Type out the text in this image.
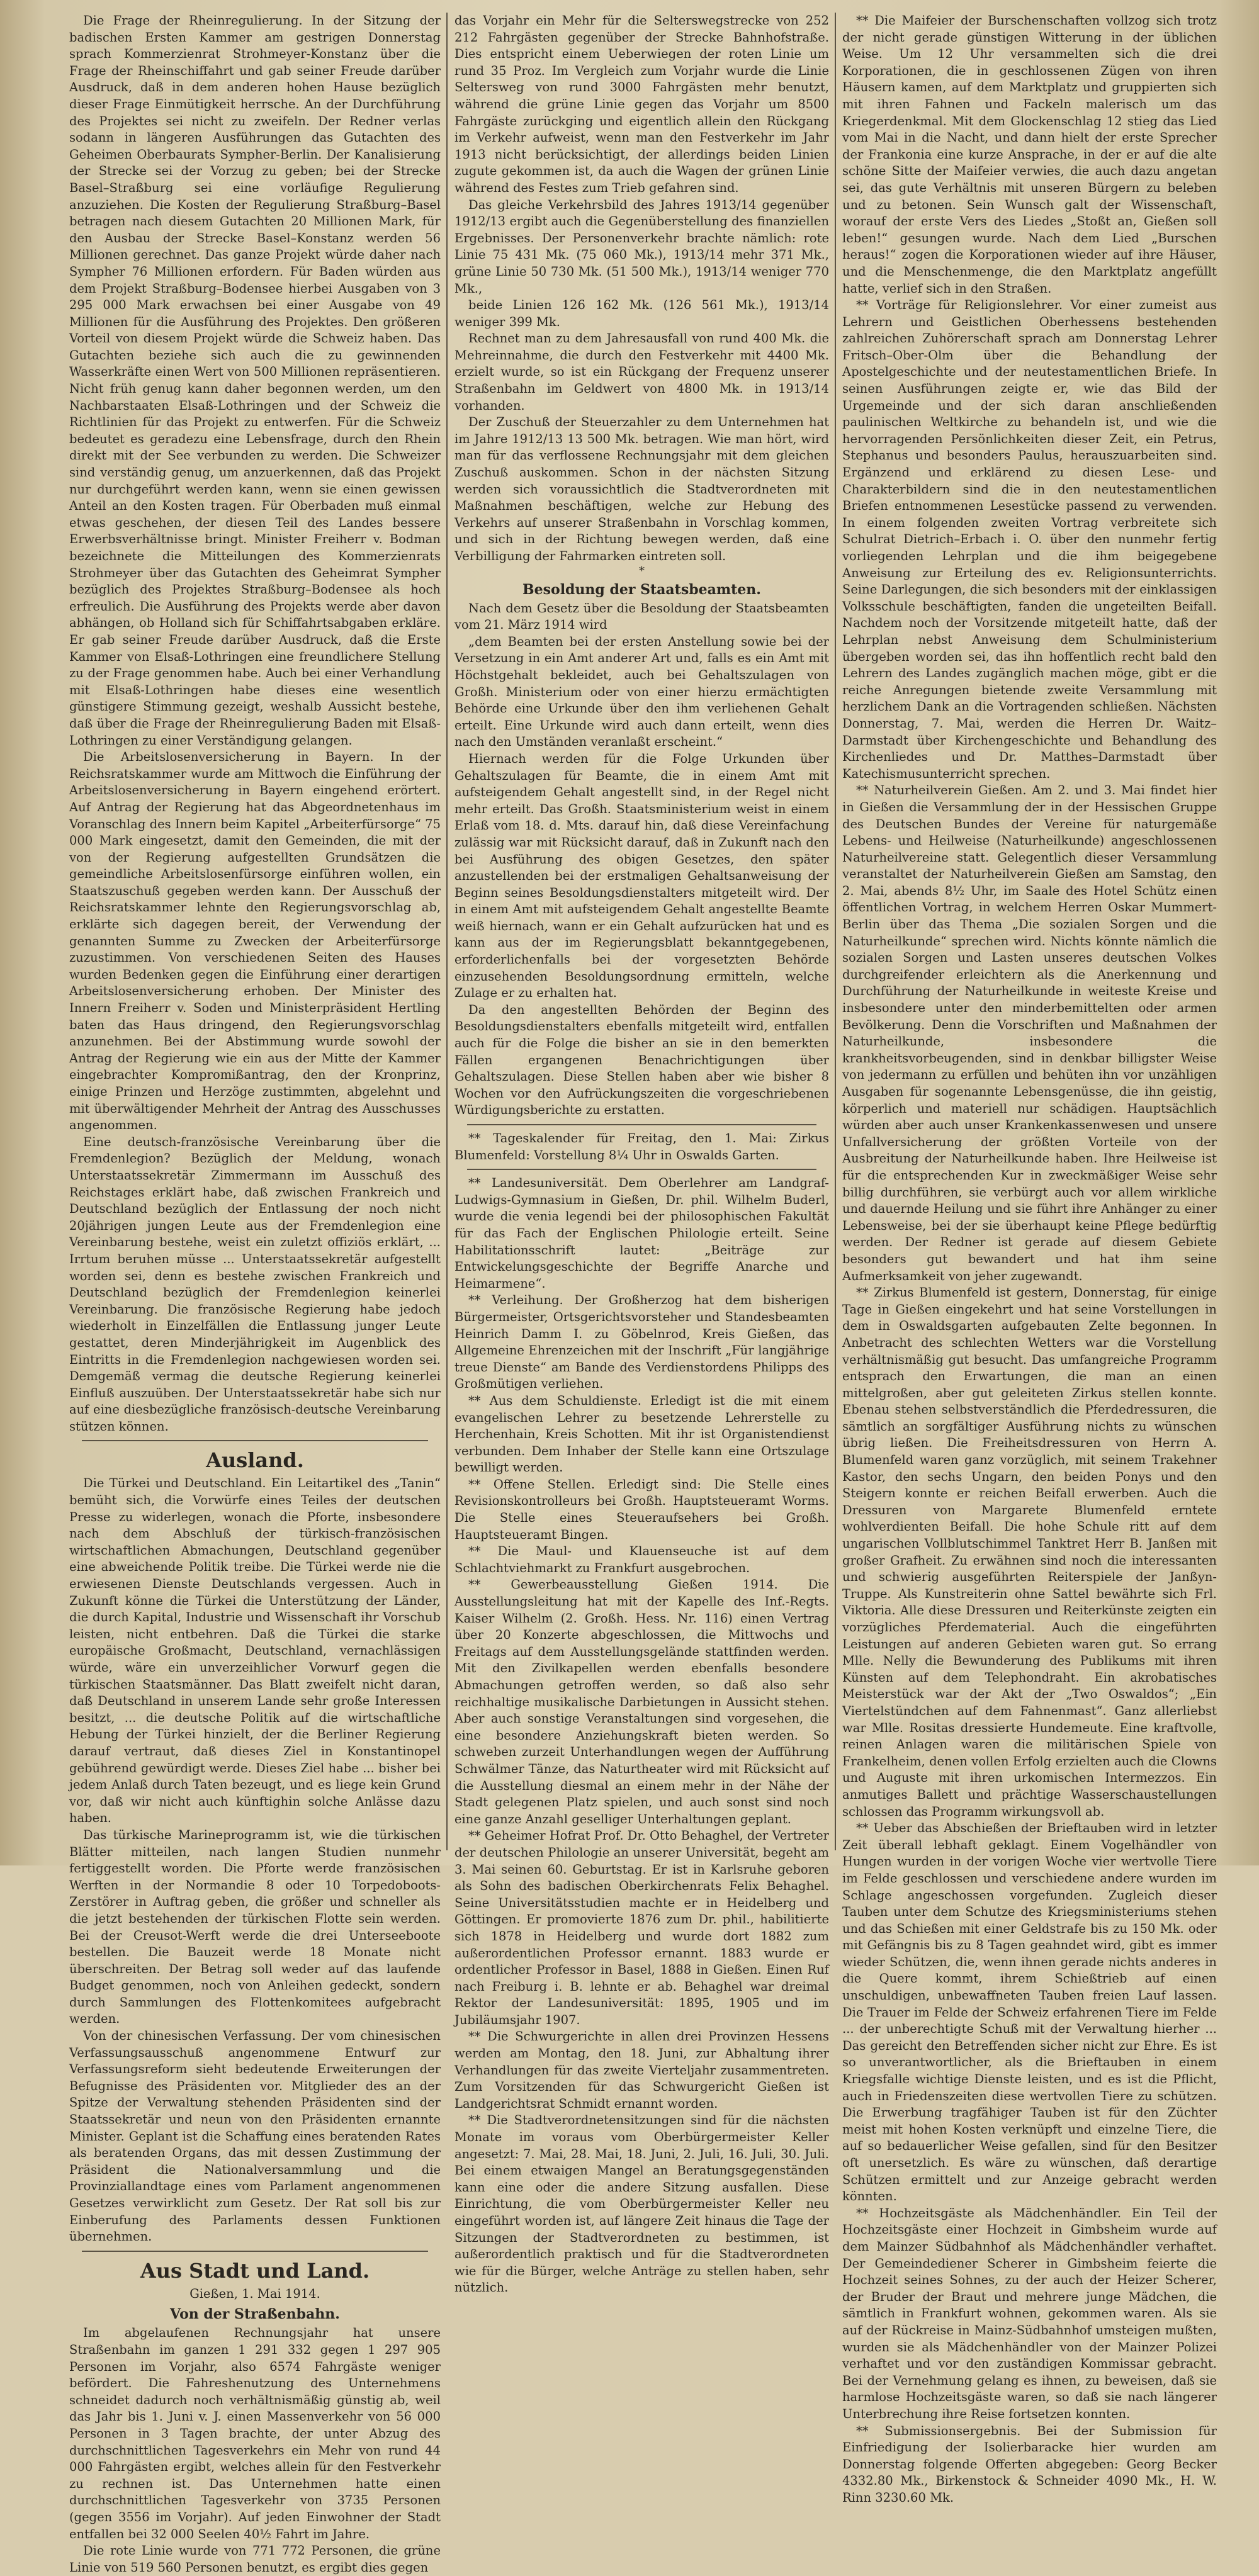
Die Frage der Rheinregulierung. In der Sitzung der badischen Ersten Kammer am gestrigen Donnerstag sprach Kommerzienrat Strohmeyer-Konstanz über die Frage der Rheinschiffahrt und gab seiner Freude darüber Ausdruck, daß in dem anderen hohen Hause bezüglich dieser Frage Einmütigkeit herrsche. An der Durchführung des Projektes sei nicht zu zweifeln. Der Redner verlas sodann in längeren Ausführungen das Gutachten des Geheimen Oberbaurats Sympher-Berlin. Der Kanalisierung der Strecke sei der Vorzug zu geben; bei der Strecke Basel–Straßburg sei eine vorläufige Regulierung anzuziehen. Die Kosten der Regulierung Straßburg–Basel betragen nach diesem Gutachten 20 Millionen Mark, für den Ausbau der Strecke Basel–Konstanz werden 56 Millionen gerechnet. Das ganze Projekt würde daher nach Sympher 76 Millionen erfordern. Für Baden würden aus dem Projekt Straßburg–Bodensee hierbei Ausgaben von 3 295 000 Mark erwachsen bei einer Ausgabe von 49 Millionen für die Ausführung des Projektes. Den größeren Vorteil von diesem Projekt würde die Schweiz haben. Das Gutachten beziehe sich auch die zu gewinnenden Wasserkräfte einen Wert von 500 Millionen repräsentieren. Nicht früh genug kann daher begonnen werden, um den Nachbarstaaten Elsaß-Lothringen und der Schweiz die Richtlinien für das Projekt zu entwerfen. Für die Schweiz bedeutet es geradezu eine Lebensfrage, durch den Rhein direkt mit der See verbunden zu werden. Die Schweizer sind verständig genug, um anzuerkennen, daß das Projekt nur durchgeführt werden kann, wenn sie einen gewissen Anteil an den Kosten tragen. Für Oberbaden muß einmal etwas geschehen, der diesen Teil des Landes bessere Erwerbsverhältnisse bringt. Minister Freiherr v. Bodman bezeichnete die Mitteilungen des Kommerzienrats Strohmeyer über das Gutachten des Geheimrat Sympher bezüglich des Projektes Straßburg–Bodensee als hoch erfreulich. Die Ausführung des Projekts werde aber davon abhängen, ob Holland sich für Schiffahrtsabgaben erkläre. Er gab seiner Freude darüber Ausdruck, daß die Erste Kammer von Elsaß-Lothringen eine freundlichere Stellung zu der Frage genommen habe. Auch bei einer Verhandlung mit Elsaß-Lothringen habe dieses eine wesentlich günstigere Stimmung gezeigt, weshalb Aussicht bestehe, daß über die Frage der Rheinregulierung Baden mit Elsaß-Lothringen zu einer Verständigung gelangen.

Die Arbeitslosenversicherung in Bayern. In der Reichsratskammer wurde am Mittwoch die Einführung der Arbeitslosenversicherung in Bayern eingehend erörtert. Auf Antrag der Regierung hat das Abgeordnetenhaus im Voranschlag des Innern beim Kapitel „Arbeiterfürsorge“ 75 000 Mark eingesetzt, damit den Gemeinden, die mit der von der Regierung aufgestellten Grundsätzen die gemeindliche Arbeitslosenfürsorge einführen wollen, ein Staatszuschuß gegeben werden kann. Der Ausschuß der Reichsratskammer lehnte den Regierungsvorschlag ab, erklärte sich dagegen bereit, der Verwendung der genannten Summe zu Zwecken der Arbeiterfürsorge zuzustimmen. Von verschiedenen Seiten des Hauses wurden Bedenken gegen die Einführung einer derartigen Arbeitslosenversicherung erhoben. Der Minister des Innern Freiherr v. Soden und Ministerpräsident Hertling baten das Haus dringend, den Regierungsvorschlag anzunehmen. Bei der Abstimmung wurde sowohl der Antrag der Regierung wie ein aus der Mitte der Kammer eingebrachter Kompromißantrag, den der Kronprinz, einige Prinzen und Herzöge zustimmten, abgelehnt und mit überwältigender Mehrheit der Antrag des Ausschusses angenommen.

Eine deutsch-französische Vereinbarung über die Fremdenlegion? Bezüglich der Meldung, wonach Unterstaatssekretär Zimmermann im Ausschuß des Reichstages erklärt habe, daß zwischen Frankreich und Deutschland bezüglich der Entlassung der noch nicht 20jährigen jungen Leute aus der Fremdenlegion eine Vereinbarung bestehe, weist ein zuletzt offiziös erklärt, ... Irrtum beruhen müsse ... Unterstaatssekretär aufgestellt worden sei, denn es bestehe zwischen Frankreich und Deutschland bezüglich der Fremdenlegion keinerlei Vereinbarung. Die französische Regierung habe jedoch wiederholt in Einzelfällen die Entlassung junger Leute gestattet, deren Minderjährigkeit im Augenblick des Eintritts in die Fremdenlegion nachgewiesen worden sei. Demgemäß vermag die deutsche Regierung keinerlei Einfluß auszuüben. Der Unterstaatssekretär habe sich nur auf eine diesbezügliche französisch-deutsche Vereinbarung stützen können.

Ausland.

Die Türkei und Deutschland. Ein Leitartikel des „Tanin“ bemüht sich, die Vorwürfe eines Teiles der deutschen Presse zu widerlegen, wonach die Pforte, insbesondere nach dem Abschluß der türkisch-französischen wirtschaftlichen Abmachungen, Deutschland gegenüber eine abweichende Politik treibe. Die Türkei werde nie die erwiesenen Dienste Deutschlands vergessen. Auch in Zukunft könne die Türkei die Unterstützung der Länder, die durch Kapital, Industrie und Wissenschaft ihr Vorschub leisten, nicht entbehren. Daß die Türkei die starke europäische Großmacht, Deutschland, vernachlässigen würde, wäre ein unverzeihlicher Vorwurf gegen die türkischen Staatsmänner. Das Blatt zweifelt nicht daran, daß Deutschland in unserem Lande sehr große Interessen besitzt, ... die deutsche Politik auf die wirtschaftliche Hebung der Türkei hinzielt, der die Berliner Regierung darauf vertraut, daß dieses Ziel in Konstantinopel gebührend gewürdigt werde. Dieses Ziel habe ... bisher bei jedem Anlaß durch Taten bezeugt, und es liege kein Grund vor, daß wir nicht auch künftighin solche Anlässe dazu haben.

Das türkische Marineprogramm ist, wie die türkischen Blätter mitteilen, nach langen Studien nunmehr fertiggestellt worden. Die Pforte werde französischen Werften in der Normandie 8 oder 10 Torpedoboots-Zerstörer in Auftrag geben, die größer und schneller als die jetzt bestehenden der türkischen Flotte sein werden. Bei der Creusot-Werft werde die drei Unterseeboote bestellen. Die Bauzeit werde 18 Monate nicht überschreiten. Der Betrag soll weder auf das laufende Budget genommen, noch von Anleihen gedeckt, sondern durch Sammlungen des Flottenkomitees aufgebracht werden.

Von der chinesischen Verfassung. Der vom chinesischen Verfassungsausschuß angenommene Entwurf zur Verfassungsreform sieht bedeutende Erweiterungen der Befugnisse des Präsidenten vor. Mitglieder des an der Spitze der Verwaltung stehenden Präsidenten sind der Staatssekretär und neun von den Präsidenten ernannte Minister. Geplant ist die Schaffung eines beratenden Rates als beratenden Organs, das mit dessen Zustimmung der Präsident die Nationalversammlung und die Provinziallandtage eines vom Parlament angenommenen Gesetzes verwirklicht zum Gesetz. Der Rat soll bis zur Einberufung des Parlaments dessen Funktionen übernehmen.

Aus Stadt und Land.

Gießen, 1. Mai 1914.

Von der Straßenbahn.

Im abgelaufenen Rechnungsjahr hat unsere Straßenbahn im ganzen 1 291 332 gegen 1 297 905 Personen im Vorjahr, also 6574 Fahrgäste weniger befördert. Die Fahreshenutzung des Unternehmens schneidet dadurch noch verhältnismäßig günstig ab, weil das Jahr bis 1. Juni v. J. einen Massenverkehr von 56 000 Personen in 3 Tagen brachte, der unter Abzug des durchschnittlichen Tagesverkehrs ein Mehr von rund 44 000 Fahrgästen ergibt, welches allein für den Festverkehr zu rechnen ist. Das Unternehmen hatte einen durchschnittlichen Tagesverkehr von 3735 Personen (gegen 3556 im Vorjahr). Auf jeden Einwohner der Stadt entfallen bei 32 000 Seelen 40½ Fahrt im Jahre.

Die rote Linie wurde von 771 772 Personen, die grüne Linie von 519 560 Personen benutzt, es ergibt dies gegen

das Vorjahr ein Mehr für die Selterswegstrecke von 252 212 Fahrgästen gegenüber der Strecke Bahnhofstraße. Dies entspricht einem Ueberwiegen der roten Linie um rund 35 Proz. Im Vergleich zum Vorjahr wurde die Linie Seltersweg von rund 3000 Fahrgästen mehr benutzt, während die grüne Linie gegen das Vorjahr um 8500 Fahrgäste zurückging und eigentlich allein den Rückgang im Verkehr aufweist, wenn man den Festverkehr im Jahr 1913 nicht berücksichtigt, der allerdings beiden Linien zugute gekommen ist, da auch die Wagen der grünen Linie während des Festes zum Trieb gefahren sind.

Das gleiche Verkehrsbild des Jahres 1913/14 gegenüber 1912/13 ergibt auch die Gegenüberstellung des finanziellen Ergebnisses. Der Personenverkehr brachte nämlich: rote Linie 75 431 Mk. (75 060 Mk.), 1913/14 mehr 371 Mk., grüne Linie 50 730 Mk. (51 500 Mk.), 1913/14 weniger 770 Mk.,

beide Linien 126 162 Mk. (126 561 Mk.), 1913/14 weniger 399 Mk.

Rechnet man zu dem Jahresausfall von rund 400 Mk. die Mehreinnahme, die durch den Festverkehr mit 4400 Mk. erzielt wurde, so ist ein Rückgang der Frequenz unserer Straßenbahn im Geldwert von 4800 Mk. in 1913/14 vorhanden.

Der Zuschuß der Steuerzahler zu dem Unternehmen hat im Jahre 1912/13 13 500 Mk. betragen. Wie man hört, wird man für das verflossene Rechnungsjahr mit dem gleichen Zuschuß auskommen. Schon in der nächsten Sitzung werden sich voraussichtlich die Stadtverordneten mit Maßnahmen beschäftigen, welche zur Hebung des Verkehrs auf unserer Straßenbahn in Vorschlag kommen, und sich in der Richtung bewegen werden, daß eine Verbilligung der Fahrmarken eintreten soll.

*

Besoldung der Staatsbeamten.

Nach dem Gesetz über die Besoldung der Staatsbeamten vom 21. März 1914 wird

„dem Beamten bei der ersten Anstellung sowie bei der Versetzung in ein Amt anderer Art und, falls es ein Amt mit Höchstgehalt bekleidet, auch bei Gehaltszulagen von Großh. Ministerium oder von einer hierzu ermächtigten Behörde eine Urkunde über den ihm verliehenen Gehalt erteilt. Eine Urkunde wird auch dann erteilt, wenn dies nach den Umständen veranlaßt erscheint.“

Hiernach werden für die Folge Urkunden über Gehaltszulagen für Beamte, die in einem Amt mit aufsteigendem Gehalt angestellt sind, in der Regel nicht mehr erteilt. Das Großh. Staatsministerium weist in einem Erlaß vom 18. d. Mts. darauf hin, daß diese Vereinfachung zulässig war mit Rücksicht darauf, daß in Zukunft nach den bei Ausführung des obigen Gesetzes, den später anzustellenden bei der erstmaligen Gehaltsanweisung der Beginn seines Besoldungsdienstalters mitgeteilt wird. Der in einem Amt mit aufsteigendem Gehalt angestellte Beamte weiß hiernach, wann er ein Gehalt aufzurücken hat und es kann aus der im Regierungsblatt bekanntgegebenen, erforderlichenfalls bei der vorgesetzten Behörde einzusehenden Besoldungsordnung ermitteln, welche Zulage er zu erhalten hat.

Da den angestellten Behörden der Beginn des Besoldungsdienstalters ebenfalls mitgeteilt wird, entfallen auch für die Folge die bisher an sie in den bemerkten Fällen ergangenen Benachrichtigungen über Gehaltszulagen. Diese Stellen haben aber wie bisher 8 Wochen vor den Aufrückungszeiten die vorgeschriebenen Würdigungsberichte zu erstatten.

** Tageskalender für Freitag, den 1. Mai: Zirkus Blumenfeld: Vorstellung 8¼ Uhr in Oswalds Garten.

** Landesuniversität. Dem Oberlehrer am Landgraf-Ludwigs-Gymnasium in Gießen, Dr. phil. Wilhelm Buderl, wurde die venia legendi bei der philosophischen Fakultät für das Fach der Englischen Philologie erteilt. Seine Habilitationsschrift lautet: „Beiträge zur Entwickelungsgeschichte der Begriffe Anarche und Heimarmene“.

** Verleihung. Der Großherzog hat dem bisherigen Bürgermeister, Ortsgerichtsvorsteher und Standesbeamten Heinrich Damm I. zu Göbelnrod, Kreis Gießen, das Allgemeine Ehrenzeichen mit der Inschrift „Für langjährige treue Dienste“ am Bande des Verdienstordens Philipps des Großmütigen verliehen.

** Aus dem Schuldienste. Erledigt ist die mit einem evangelischen Lehrer zu besetzende Lehrerstelle zu Herchenhain, Kreis Schotten. Mit ihr ist Organistendienst verbunden. Dem Inhaber der Stelle kann eine Ortszulage bewilligt werden.

** Offene Stellen. Erledigt sind: Die Stelle eines Revisionskontrolleurs bei Großh. Hauptsteueramt Worms. Die Stelle eines Steueraufsehers bei Großh. Hauptsteueramt Bingen.

** Die Maul- und Klauenseuche ist auf dem Schlachtviehmarkt zu Frankfurt ausgebrochen.

** Gewerbeausstellung Gießen 1914. Die Ausstellungsleitung hat mit der Kapelle des Inf.-Regts. Kaiser Wilhelm (2. Großh. Hess. Nr. 116) einen Vertrag über 20 Konzerte abgeschlossen, die Mittwochs und Freitags auf dem Ausstellungsgelände stattfinden werden. Mit den Zivilkapellen werden ebenfalls besondere Abmachungen getroffen werden, so daß also sehr reichhaltige musikalische Darbietungen in Aussicht stehen. Aber auch sonstige Veranstaltungen sind vorgesehen, die eine besondere Anziehungskraft bieten werden. So schweben zurzeit Unterhandlungen wegen der Aufführung Schwälmer Tänze, das Naturtheater wird mit Rücksicht auf die Ausstellung diesmal an einem mehr in der Nähe der Stadt gelegenen Platz spielen, und auch sonst sind noch eine ganze Anzahl geselliger Unterhaltungen geplant.

** Geheimer Hofrat Prof. Dr. Otto Behaghel, der Vertreter der deutschen Philologie an unserer Universität, begeht am 3. Mai seinen 60. Geburtstag. Er ist in Karlsruhe geboren als Sohn des badischen Oberkirchenrats Felix Behaghel. Seine Universitätsstudien machte er in Heidelberg und Göttingen. Er promovierte 1876 zum Dr. phil., habilitierte sich 1878 in Heidelberg und wurde dort 1882 zum außerordentlichen Professor ernannt. 1883 wurde er ordentlicher Professor in Basel, 1888 in Gießen. Einen Ruf nach Freiburg i. B. lehnte er ab. Behaghel war dreimal Rektor der Landesuniversität: 1895, 1905 und im Jubiläumsjahr 1907.

** Die Schwurgerichte in allen drei Provinzen Hessens werden am Montag, den 18. Juni, zur Abhaltung ihrer Verhandlungen für das zweite Vierteljahr zusammentreten. Zum Vorsitzenden für das Schwurgericht Gießen ist Landgerichtsrat Schmidt ernannt worden.

** Die Stadtverordnetensitzungen sind für die nächsten Monate im voraus vom Oberbürgermeister Keller angesetzt: 7. Mai, 28. Mai, 18. Juni, 2. Juli, 16. Juli, 30. Juli. Bei einem etwaigen Mangel an Beratungsgegenständen kann eine oder die andere Sitzung ausfallen. Diese Einrichtung, die vom Oberbürgermeister Keller neu eingeführt worden ist, auf längere Zeit hinaus die Tage der Sitzungen der Stadtverordneten zu bestimmen, ist außerordentlich praktisch und für die Stadtverordneten wie für die Bürger, welche Anträge zu stellen haben, sehr nützlich.

** Die Maifeier der Burschenschaften vollzog sich trotz der nicht gerade günstigen Witterung in der üblichen Weise. Um 12 Uhr versammelten sich die drei Korporationen, die in geschlossenen Zügen von ihren Häusern kamen, auf dem Marktplatz und gruppierten sich mit ihren Fahnen und Fackeln malerisch um das Kriegerdenkmal. Mit dem Glockenschlag 12 stieg das Lied vom Mai in die Nacht, und dann hielt der erste Sprecher der Frankonia eine kurze Ansprache, in der er auf die alte schöne Sitte der Maifeier verwies, die auch dazu angetan sei, das gute Verhältnis mit unseren Bürgern zu beleben und zu betonen. Sein Wunsch galt der Wissenschaft, worauf der erste Vers des Liedes „Stoßt an, Gießen soll leben!“ gesungen wurde. Nach dem Lied „Burschen heraus!“ zogen die Korporationen wieder auf ihre Häuser, und die Menschenmenge, die den Marktplatz angefüllt hatte, verlief sich in den Straßen.

** Vorträge für Religionslehrer. Vor einer zumeist aus Lehrern und Geistlichen Oberhessens bestehenden zahlreichen Zuhörerschaft sprach am Donnerstag Lehrer Fritsch–Ober-Olm über die Behandlung der Apostelgeschichte und der neutestamentlichen Briefe. In seinen Ausführungen zeigte er, wie das Bild der Urgemeinde und der sich daran anschließenden paulinischen Weltkirche zu behandeln ist, und wie die hervorragenden Persönlichkeiten dieser Zeit, ein Petrus, Stephanus und besonders Paulus, herauszuarbeiten sind. Ergänzend und erklärend zu diesen Lese- und Charakterbildern sind die in den neutestamentlichen Briefen entnommenen Lesestücke passend zu verwenden. In einem folgenden zweiten Vortrag verbreitete sich Schulrat Dietrich–Erbach i. O. über den nunmehr fertig vorliegenden Lehrplan und die ihm beigegebene Anweisung zur Erteilung des ev. Religionsunterrichts. Seine Darlegungen, die sich besonders mit der einklassigen Volksschule beschäftigten, fanden die ungeteilten Beifall. Nachdem noch der Vorsitzende mitgeteilt hatte, daß der Lehrplan nebst Anweisung dem Schulministerium übergeben worden sei, das ihn hoffentlich recht bald den Lehrern des Landes zugänglich machen möge, gibt er die reiche Anregungen bietende zweite Versammlung mit herzlichem Dank an die Vortragenden schließen. Nächsten Donnerstag, 7. Mai, werden die Herren Dr. Waitz–Darmstadt über Kirchengeschichte und Behandlung des Kirchenliedes und Dr. Matthes–Darmstadt über Katechismusunterricht sprechen.

** Naturheilverein Gießen. Am 2. und 3. Mai findet hier in Gießen die Versammlung der in der Hessischen Gruppe des Deutschen Bundes der Vereine für naturgemäße Lebens- und Heilweise (Naturheilkunde) angeschlossenen Naturheilvereine statt. Gelegentlich dieser Versammlung veranstaltet der Naturheilverein Gießen am Samstag, den 2. Mai, abends 8½ Uhr, im Saale des Hotel Schütz einen öffentlichen Vortrag, in welchem Herren Oskar Mummert-Berlin über das Thema „Die sozialen Sorgen und die Naturheilkunde“ sprechen wird. Nichts könnte nämlich die sozialen Sorgen und Lasten unseres deutschen Volkes durchgreifender erleichtern als die Anerkennung und Durchführung der Naturheilkunde in weiteste Kreise und insbesondere unter den minderbemittelten oder armen Bevölkerung. Denn die Vorschriften und Maßnahmen der Naturheilkunde, insbesondere die krankheitsvorbeugenden, sind in denkbar billigster Weise von jedermann zu erfüllen und behüten ihn vor unzähligen Ausgaben für sogenannte Lebensgenüsse, die ihn geistig, körperlich und materiell nur schädigen. Hauptsächlich würden aber auch unser Krankenkassenwesen und unsere Unfallversicherung der größten Vorteile von der Ausbreitung der Naturheilkunde haben. Ihre Heilweise ist für die entsprechenden Kur in zweckmäßiger Weise sehr billig durchführen, sie verbürgt auch vor allem wirkliche und dauernde Heilung und sie führt ihre Anhänger zu einer Lebensweise, bei der sie überhaupt keine Pflege bedürftig werden. Der Redner ist gerade auf diesem Gebiete besonders gut bewandert und hat ihm seine Aufmerksamkeit von jeher zugewandt.

** Zirkus Blumenfeld ist gestern, Donnerstag, für einige Tage in Gießen eingekehrt und hat seine Vorstellungen in dem in Oswaldsgarten aufgebauten Zelte begonnen. In Anbetracht des schlechten Wetters war die Vorstellung verhältnismäßig gut besucht. Das umfangreiche Programm entsprach den Erwartungen, die man an einen mittelgroßen, aber gut geleiteten Zirkus stellen konnte. Ebenau stehen selbstverständlich die Pferdedressuren, die sämtlich an sorgfältiger Ausführung nichts zu wünschen übrig ließen. Die Freiheitsdressuren von Herrn A. Blumenfeld waren ganz vorzüglich, mit seinem Trakehner Kastor, den sechs Ungarn, den beiden Ponys und den Steigern konnte er reichen Beifall erwerben. Auch die Dressuren von Margarete Blumenfeld erntete wohlverdienten Beifall. Die hohe Schule ritt auf dem ungarischen Vollblutschimmel Tanktret Herr B. Janßen mit großer Grafheit. Zu erwähnen sind noch die interessanten und schwierig ausgeführten Reiterspiele der Janßyn-Truppe. Als Kunstreiterin ohne Sattel bewährte sich Frl. Viktoria. Alle diese Dressuren und Reiterkünste zeigten ein vorzügliches Pferdematerial. Auch die eingeführten Leistungen auf anderen Gebieten waren gut. So errang Mlle. Nelly die Bewunderung des Publikums mit ihren Künsten auf dem Telephondraht. Ein akrobatisches Meisterstück war der Akt der „Two Oswaldos“; „Ein Viertelstündchen auf dem Fahnenmast“. Ganz allerliebst war Mlle. Rositas dressierte Hundemeute. Eine kraftvolle, reinen Anlagen waren die militärischen Spiele von Frankelheim, denen vollen Erfolg erzielten auch die Clowns und Auguste mit ihren urkomischen Intermezzos. Ein anmutiges Ballett und prächtige Wasserschaustellungen schlossen das Programm wirkungsvoll ab.

** Ueber das Abschießen der Brieftauben wird in letzter Zeit überall lebhaft geklagt. Einem Vogelhändler von Hungen wurden in der vorigen Woche vier wertvolle Tiere im Felde geschlossen und verschiedene andere wurden im Schlage angeschossen vorgefunden. Zugleich dieser Tauben unter dem Schutze des Kriegsministeriums stehen und das Schießen mit einer Geldstrafe bis zu 150 Mk. oder mit Gefängnis bis zu 8 Tagen geahndet wird, gibt es immer wieder Schützen, die, wenn ihnen gerade nichts anderes in die Quere kommt, ihrem Schießtrieb auf einen unschuldigen, unbewaffneten Tauben freien Lauf lassen. Die Trauer im Felde der Schweiz erfahrenen Tiere im Felde ... der unberechtigte Schuß mit der Verwaltung hierher ... Das gereicht den Betreffenden sicher nicht zur Ehre. Es ist so unverantwortlicher, als die Brieftauben in einem Kriegsfalle wichtige Dienste leisten, und es ist die Pflicht, auch in Friedenszeiten diese wertvollen Tiere zu schützen. Die Erwerbung tragfähiger Tauben ist für den Züchter meist mit hohen Kosten verknüpft und einzelne Tiere, die auf so bedauerlicher Weise gefallen, sind für den Besitzer oft unersetzlich. Es wäre zu wünschen, daß derartige Schützen ermittelt und zur Anzeige gebracht werden könnten.

** Hochzeitsgäste als Mädchenhändler. Ein Teil der Hochzeitsgäste einer Hochzeit in Gimbsheim wurde auf dem Mainzer Südbahnhof als Mädchenhändler verhaftet. Der Gemeindediener Scherer in Gimbsheim feierte die Hochzeit seines Sohnes, zu der auch der Heizer Scherer, der Bruder der Braut und mehrere junge Mädchen, die sämtlich in Frankfurt wohnen, gekommen waren. Als sie auf der Rückreise in Mainz-Südbahnhof umsteigen mußten, wurden sie als Mädchenhändler von der Mainzer Polizei verhaftet und vor den zuständigen Kommissar gebracht. Bei der Vernehmung gelang es ihnen, zu beweisen, daß sie harmlose Hochzeitsgäste waren, so daß sie nach längerer Unterbrechung ihre Reise fortsetzen konnten.

** Submissionsergebnis. Bei der Submission für Einfriedigung der Isolierbaracke hier wurden am Donnerstag folgende Offerten abgegeben: Georg Becker 4332.80 Mk., Birkenstock & Schneider 4090 Mk., H. W. Rinn 3230.60 Mk.
